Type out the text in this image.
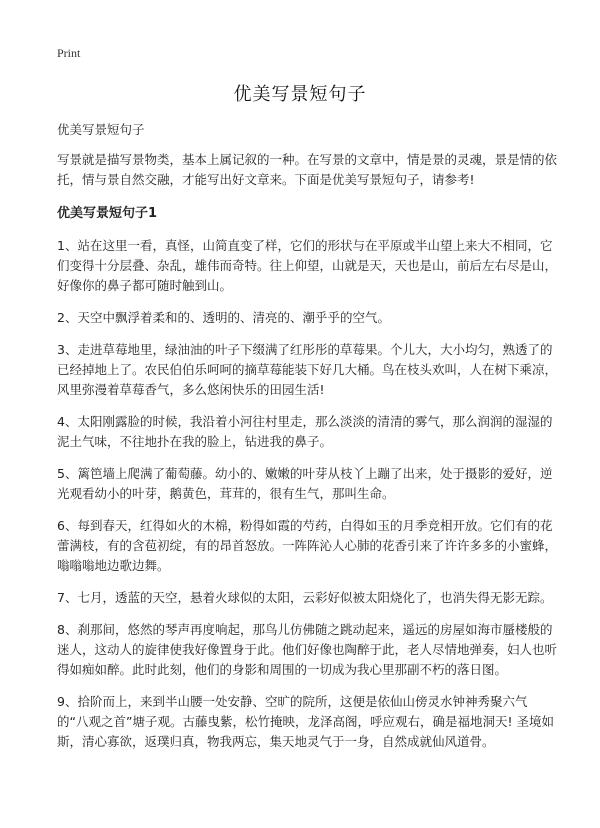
Print
优美写景短句子

优美写景短句子

写景就是描写景物类，基本上属记叙的一种。在写景的文章中，情是景的灵魂，景是情的依托，情与景自然交融，才能写出好文章来。下面是优美写景短句子，请参考!

优美写景短句子1

1、站在这里一看，真怪，山简直变了样，它们的形状与在平原或半山望上来大不相同，它们变得十分层叠、杂乱，雄伟而奇特。往上仰望，山就是天，天也是山，前后左右尽是山，好像你的鼻子都可随时触到山。

2、天空中飘浮着柔和的、透明的、清亮的、潮乎乎的空气。

3、走进草莓地里，绿油油的叶子下缀满了红彤彤的草莓果。个儿大，大小均匀，熟透了的已经掉地上了。农民伯伯乐呵呵的摘草莓能装下好几大桶。鸟在枝头欢叫，人在树下乘凉，风里弥漫着草莓香气，多么悠闲快乐的田园生活!

4、太阳刚露脸的时候，我沿着小河往村里走，那么淡淡的清清的雾气，那么润润的湿湿的泥土气味，不往地扑在我的脸上，钻进我的鼻子。

5、篱笆墙上爬满了葡萄藤。幼小的、嫩嫩的叶芽从枝丫上蹦了出来，处于摄影的爱好，逆光观看幼小的叶芽，鹅黄色，茸茸的，很有生气，那叫生命。

6、每到春天，红得如火的木棉，粉得如霞的芍药，白得如玉的月季竞相开放。它们有的花蕾满枝，有的含苞初绽，有的昂首怒放。一阵阵沁人心肺的花香引来了许许多多的小蜜蜂，嗡嗡嗡地边歌边舞。

7、七月，透蓝的天空，悬着火球似的太阳，云彩好似被太阳烧化了，也消失得无影无踪。

8、刹那间，悠然的琴声再度响起，那鸟儿仿佛随之跳动起来，遥远的房屋如海市蜃楼般的迷人，这动人的旋律使我好像置身于此。他们好像也陶醉于此，老人尽情地弹奏，妇人也听得如痴如醉。此时此刻，他们的身影和周围的一切成为我心里那副不朽的落日图。

9、拾阶而上，来到半山腰一处安静、空旷的院所，这便是依仙山傍灵水钟神秀聚六气的“八观之首”塘子观。古藤曳紫，松竹掩映，龙泽高阁，呼应观右，确是福地洞天! 圣境如斯，清心寡欲，返璞归真，物我两忘，集天地灵气于一身，自然成就仙风道骨。
